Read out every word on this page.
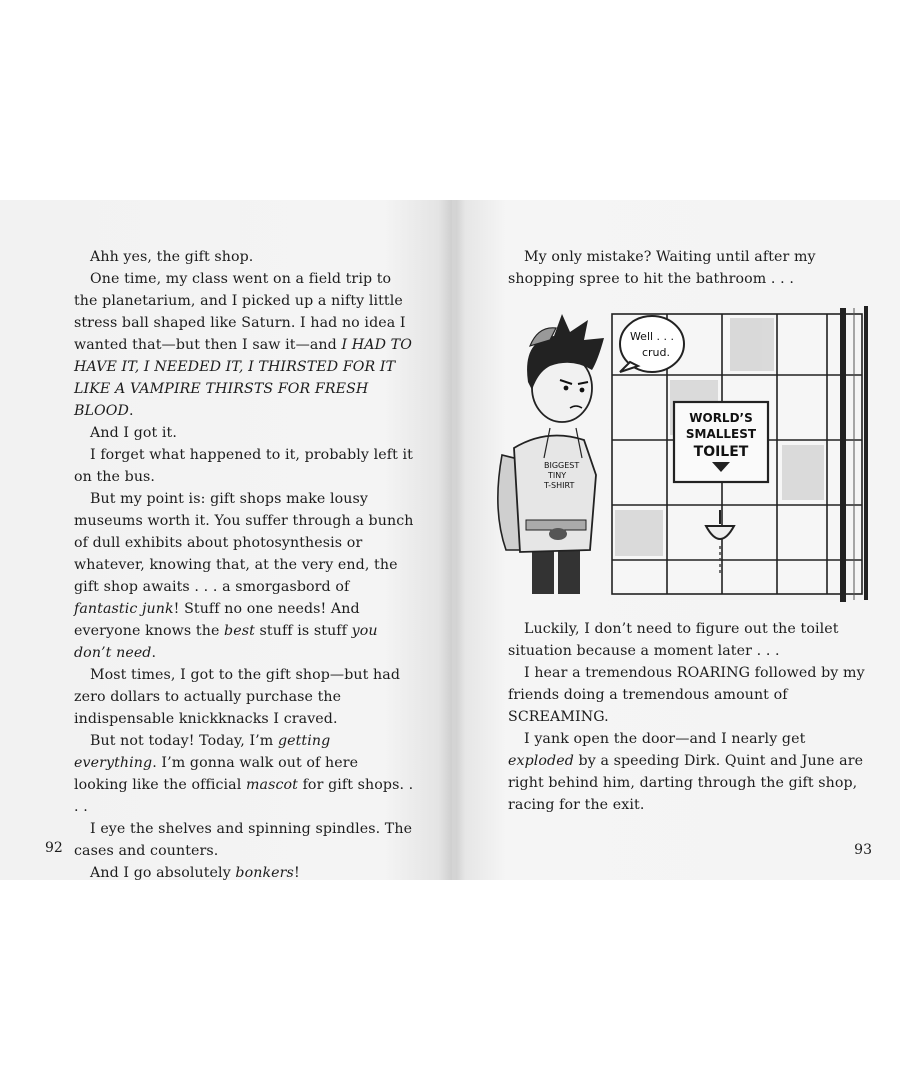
Ahh yes, the gift shop.

One time, my class went on a field trip to the planetarium, and I picked up a nifty little stress ball shaped like Saturn. I had no idea I wanted that—but then I saw it—and I HAD TO HAVE IT, I NEEDED IT, I THIRSTED FOR IT LIKE A VAMPIRE THIRSTS FOR FRESH BLOOD.

And I got it.

I forget what happened to it, probably left it on the bus.

But my point is: gift shops make lousy museums worth it. You suffer through a bunch of dull exhibits about photosynthesis or whatever, knowing that, at the very end, the gift shop awaits . . . a smorgasbord of fantastic junk! Stuff no one needs! And everyone knows the best stuff is stuff you don’t need.

Most times, I got to the gift shop—but had zero dollars to actually purchase the indispensable knickknacks I craved.

But not today! Today, I’m getting everything. I’m gonna walk out of here looking like the official mascot for gift shops. . . .

I eye the shelves and spinning spindles. The cases and counters.

And I go absolutely bonkers!

92

My only mistake? Waiting until after my shopping spree to hit the bathroom . . .

WORLD’S
SMALLEST
TOILET
Well . . .
crud.
BIGGEST
TINY
T-SHIRT

Luckily, I don’t need to figure out the toilet situation because a moment later . . .

I hear a tremendous ROARING followed by my friends doing a tremendous amount of SCREAMING.

I yank open the door—and I nearly get exploded by a speeding Dirk. Quint and June are right behind him, darting through the gift shop, racing for the exit.

93
